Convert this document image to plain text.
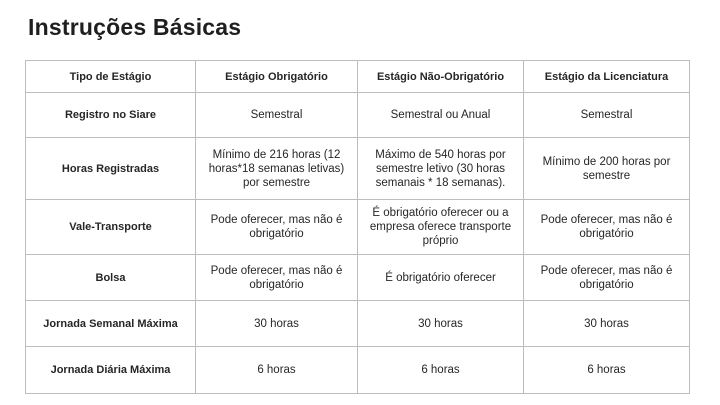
Instruções Básicas
Tipo de Estágio	Estágio Obrigatório	Estágio Não-Obrigatório	Estágio da Licenciatura
Registro no Siare	Semestral	Semestral ou Anual	Semestral
Horas Registradas	Mínimo de 216 horas (12 horas*18 semanas letivas) por semestre	Máximo de 540 horas por semestre letivo (30 horas semanais * 18 semanas).	Mínimo de 200 horas por semestre
Vale-Transporte	Pode oferecer, mas não é obrigatório	É obrigatório oferecer ou a empresa oferece transporte próprio	Pode oferecer, mas não é obrigatório
Bolsa	Pode oferecer, mas não é obrigatório	É obrigatório oferecer	Pode oferecer, mas não é obrigatório
Jornada Semanal Máxima	30 horas	30 horas	30 horas
Jornada Diária Máxima	6 horas	6 horas	6 horas
